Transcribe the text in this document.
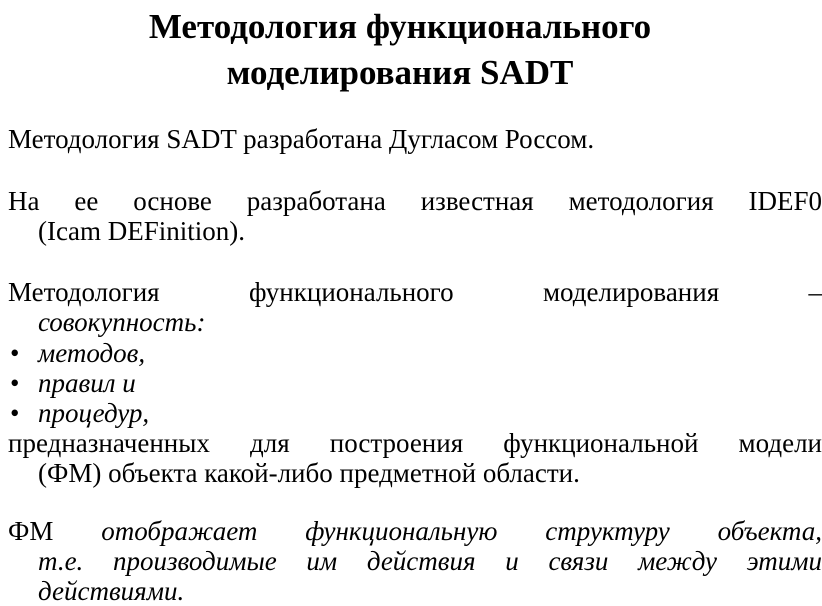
Методология функционального
моделирования SADT

Методология SADT разработана Дугласом Россом.

На ее основе разработана известная методология IDEF0
(Icam DEFinition).

Методология	функционального	моделирования	–
совокупность:
• методов,
• правил и
• процедур,

предназначенных для построения функциональной модели
(ФМ) объекта какой-либо предметной области.

ФМ отображает функциональную структуру объекта,
т.е. производимые им действия и связи между этими
действиями.
